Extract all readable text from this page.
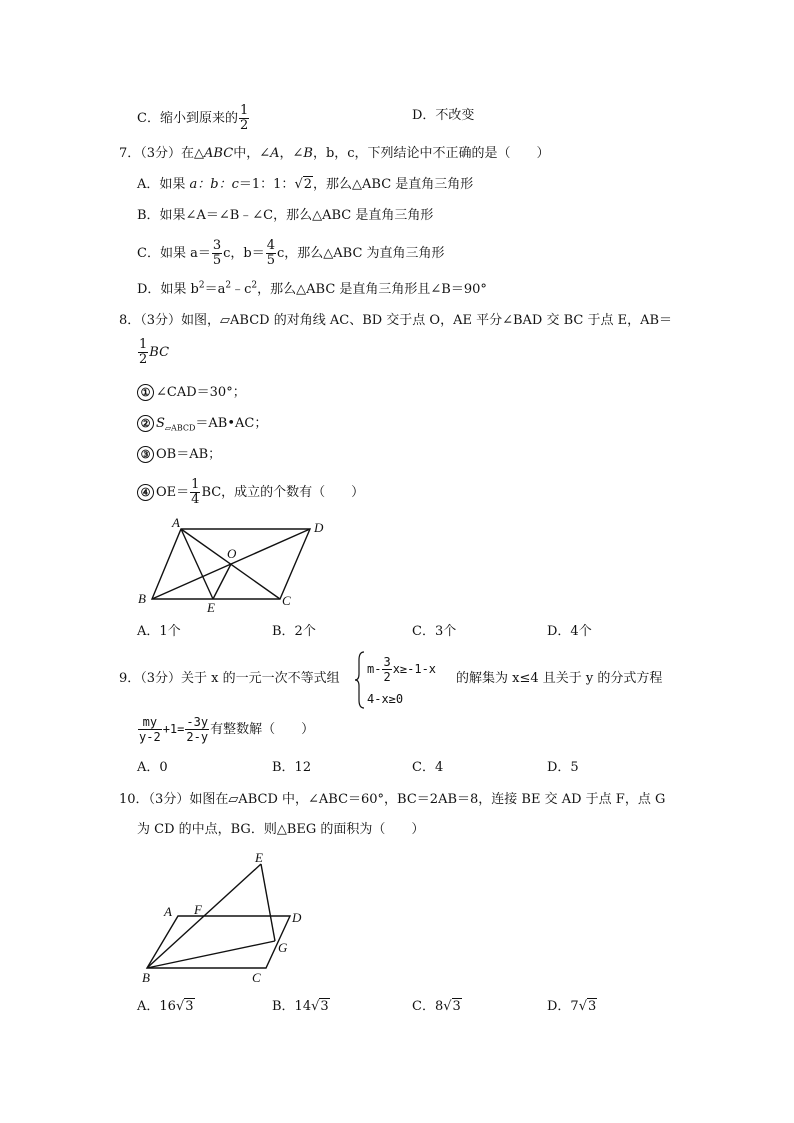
C．缩小到原来的 $\frac{1}{2}$	D．不改变
7．（3分）在△ABC中，∠A，∠B，b，c，下列结论中不正确的是（　　）
A．如果 a：b：c＝1：1：√2，那么△ABC 是直角三角形
B．如果∠A＝∠B﹣∠C，那么△ABC 是直角三角形
C．如果 $a= \frac{3}{5}$ c，$b= \frac{4}{5}$ c，那么△ABC 为直角三角形
D．如果 $b^2=a^2﹣c^2$，那么△ABC 是直角三角形且∠B＝90°
8．（3分）如图，▱ABCD 的对角线 AC、BD 交于点 O，AE 平分∠BAD 交 BC 于点 E，AB＝
$\frac{1}{2}$ BC
① ∠CAD＝30°；
② $S_{▱ABCD}=AB•AC$；
③ OB＝AB；
④ $OE= \frac{1}{4}$ BC，成立的个数有（　　）
A	D
O
B
E	C
A．1个	B．2个	C．3个	D．4个
9．（3分）关于 x 的一元一次不等式组
$m- \frac{3}{2} x\ge-1-x$
4-x≥0
的解集为 x≤4 且关于 y 的分式方程
$\frac{my}{y-2} +1= \frac{-3y}{2-y}$ 有整数解（　　）
A．0	B．12	C．4	D．5
10．（3分）如图在▱ABCD 中，∠ABC＝60°，BC＝2AB＝8，连接 BE 交 AD 于点 F，点 G
为 CD 的中点，BG．则△BEG 的面积为（　　）
E
A F
D
G
B	C
A．16√3	B．14√3	C．8√3	D．7√3
